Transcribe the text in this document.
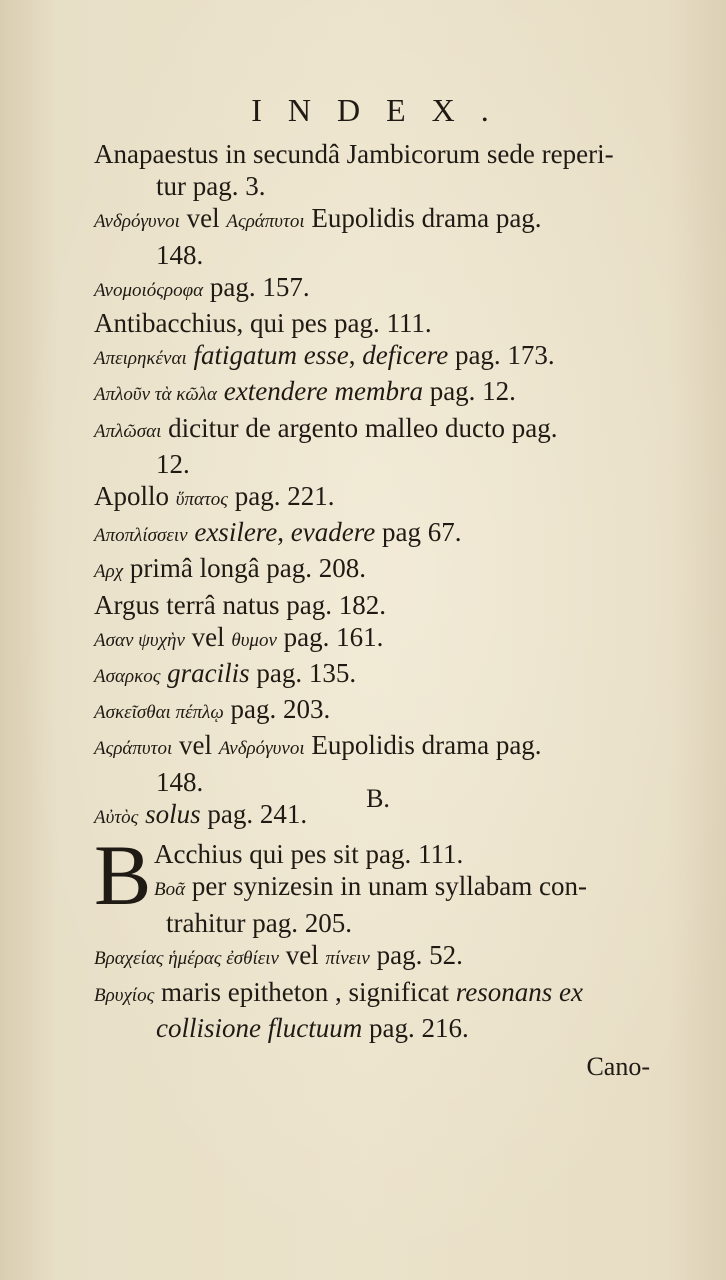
INDEX.
Anapaestus in secundâ Jambicorum sede reperi-
tur pag. 3.
Ανδρόγυνοι vel Αςράπυτοι Eupolidis drama pag.
148.
Ανομοιόςροφα pag. 157.
Antibacchius, qui pes pag. 111.
Απειρηκέναι fatigatum esse, deficere pag. 173.
Απλοῦν τὰ κῶλα extendere membra pag. 12.
Απλῶσαι dicitur de argento malleo ducto pag.
12.
Apollo ὕπατος pag. 221.
Αποπλίσσειν exsilere, evadere pag 67.
Αρχ primâ longâ pag. 208.
Argus terrâ natus pag. 182.
Ασαν ψυχὴν vel θυμον pag. 161.
Ασαρκος gracilis pag. 135.
Ασκεῖσθαι πέπλῳ pag. 203.
Αςράπυτοι vel Ανδρόγυνοι Eupolidis drama pag.
148.
Αὐτὸς solus pag. 241.
B.
B Acchius qui pes sit pag. 111.
Βοᾶ per synizesin in unam syllabam con-
trahitur pag. 205.
Βραχείας ἡμέρας ἐσθίειν vel πίνειν pag. 52.
Βρυχίος maris epitheton , significat resonans ex
collisione fluctuum pag. 216.
Cano-
